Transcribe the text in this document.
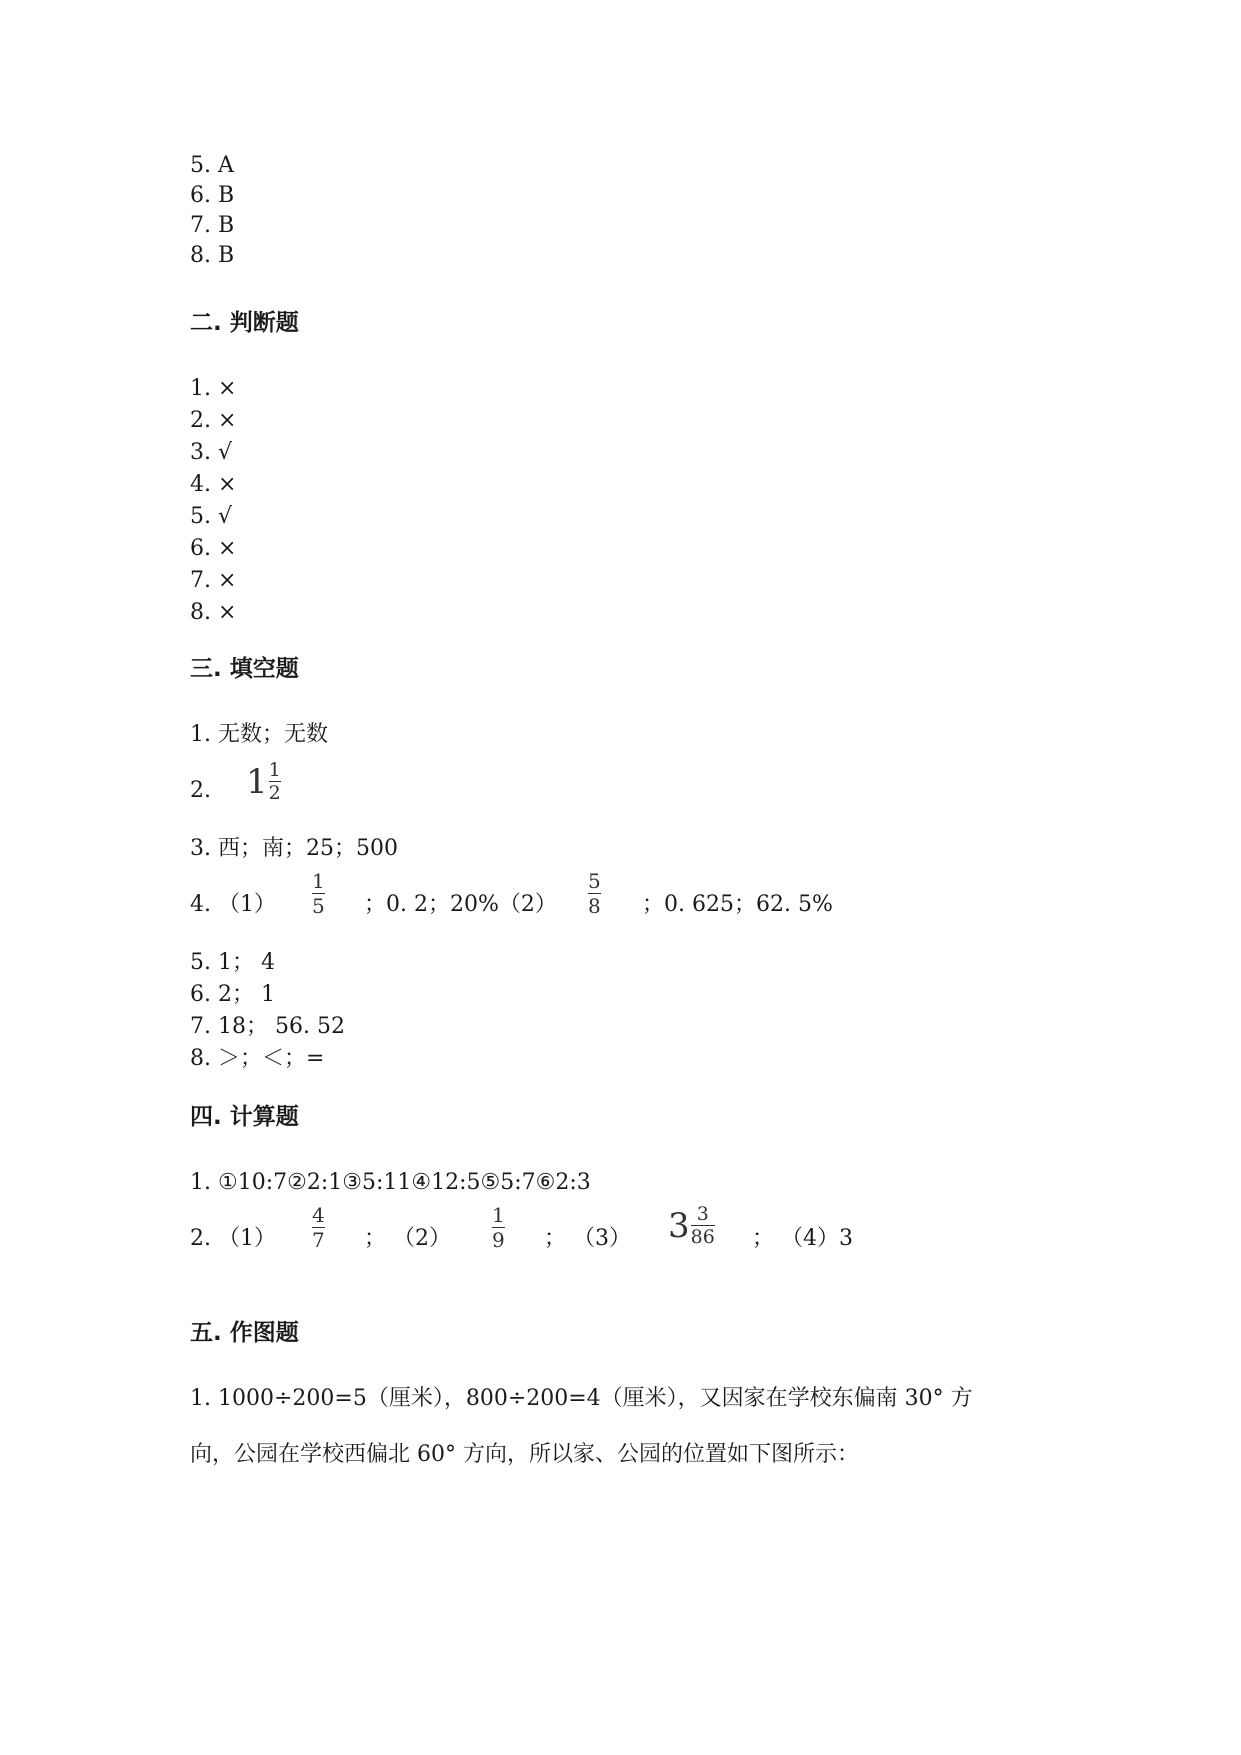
5. A
6. B
7. B
8. B
二. 判断题
1. ×
2. ×
3. √
4. ×
5. √
6. ×
7. ×
8. ×
三. 填空题
1. 无数；无数
2. $1 \frac{1}{2}$
3. 西；南；25；500
4. （1）
1
5 ；0. 2；20%（2）
5
8 ；0. 625；62. 5%
5. 1； 4
6. 2； 1
7. 18； 56. 52
8. ＞；＜；=
四. 计算题
1. ①10:7②2:1③5:11④12:5⑤5:7⑥2:3
2. （1）
4
7 ； （2）
1
9 ； （3） $3 \frac{3}{86}$ ； （4）3
五. 作图题
1. 1000÷200=5（厘米），800÷200=4（厘米），又因家在学校东偏南 30° 方
向，公园在学校西偏北 60° 方向，所以家、公园的位置如下图所示：
